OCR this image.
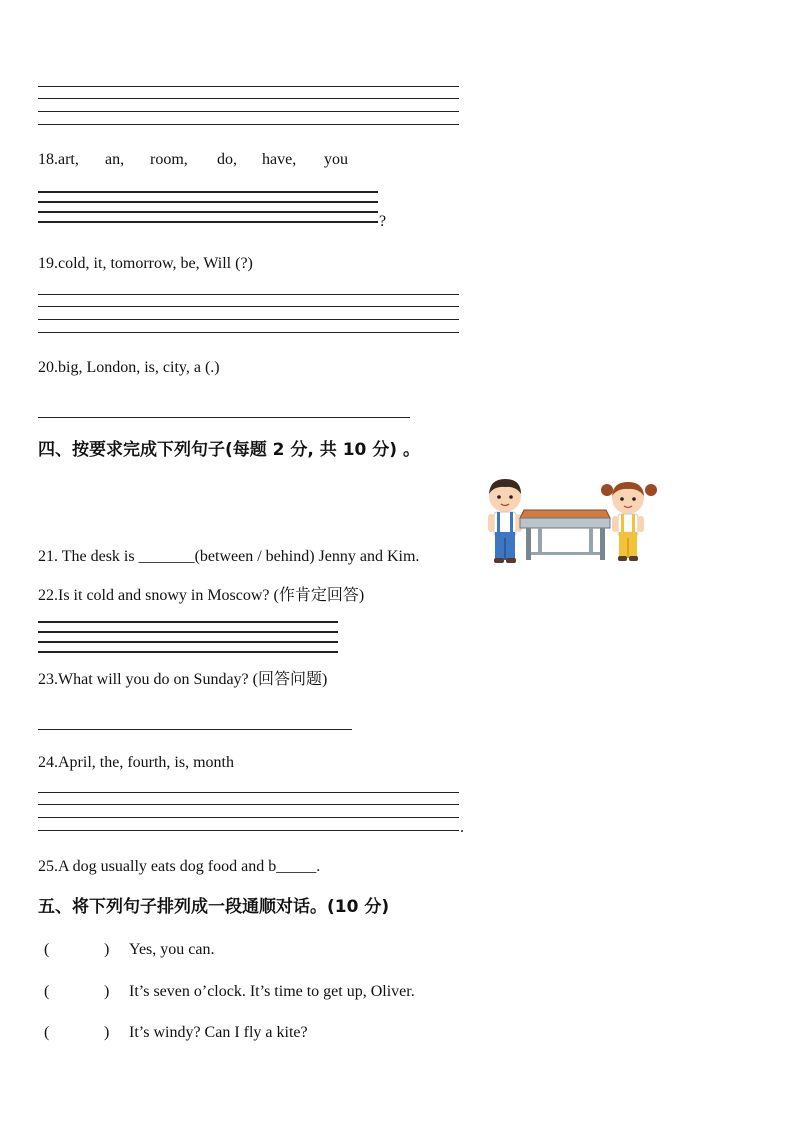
18.art, an, room, do, have, you
?
19.cold, it, tomorrow, be, Will (?)
20.big, London, is, city, a (.)
四、按要求完成下列句子(每题 2 分, 共 10 分) 。
21. The desk is _______(between / behind) Jenny and Kim.
22.Is it cold and snowy in Moscow? (作肯定回答)
23.What will you do on Sunday? (回答问题)
24.April, the, fourth, is, month
.
25.A dog usually eats dog food and b_____.
五、将下列句子排列成一段通顺对话。(10 分)
(	) Yes, you can.
(	) It’s seven o’clock. It’s time to get up, Oliver.
(	) It’s windy? Can I fly a kite?
